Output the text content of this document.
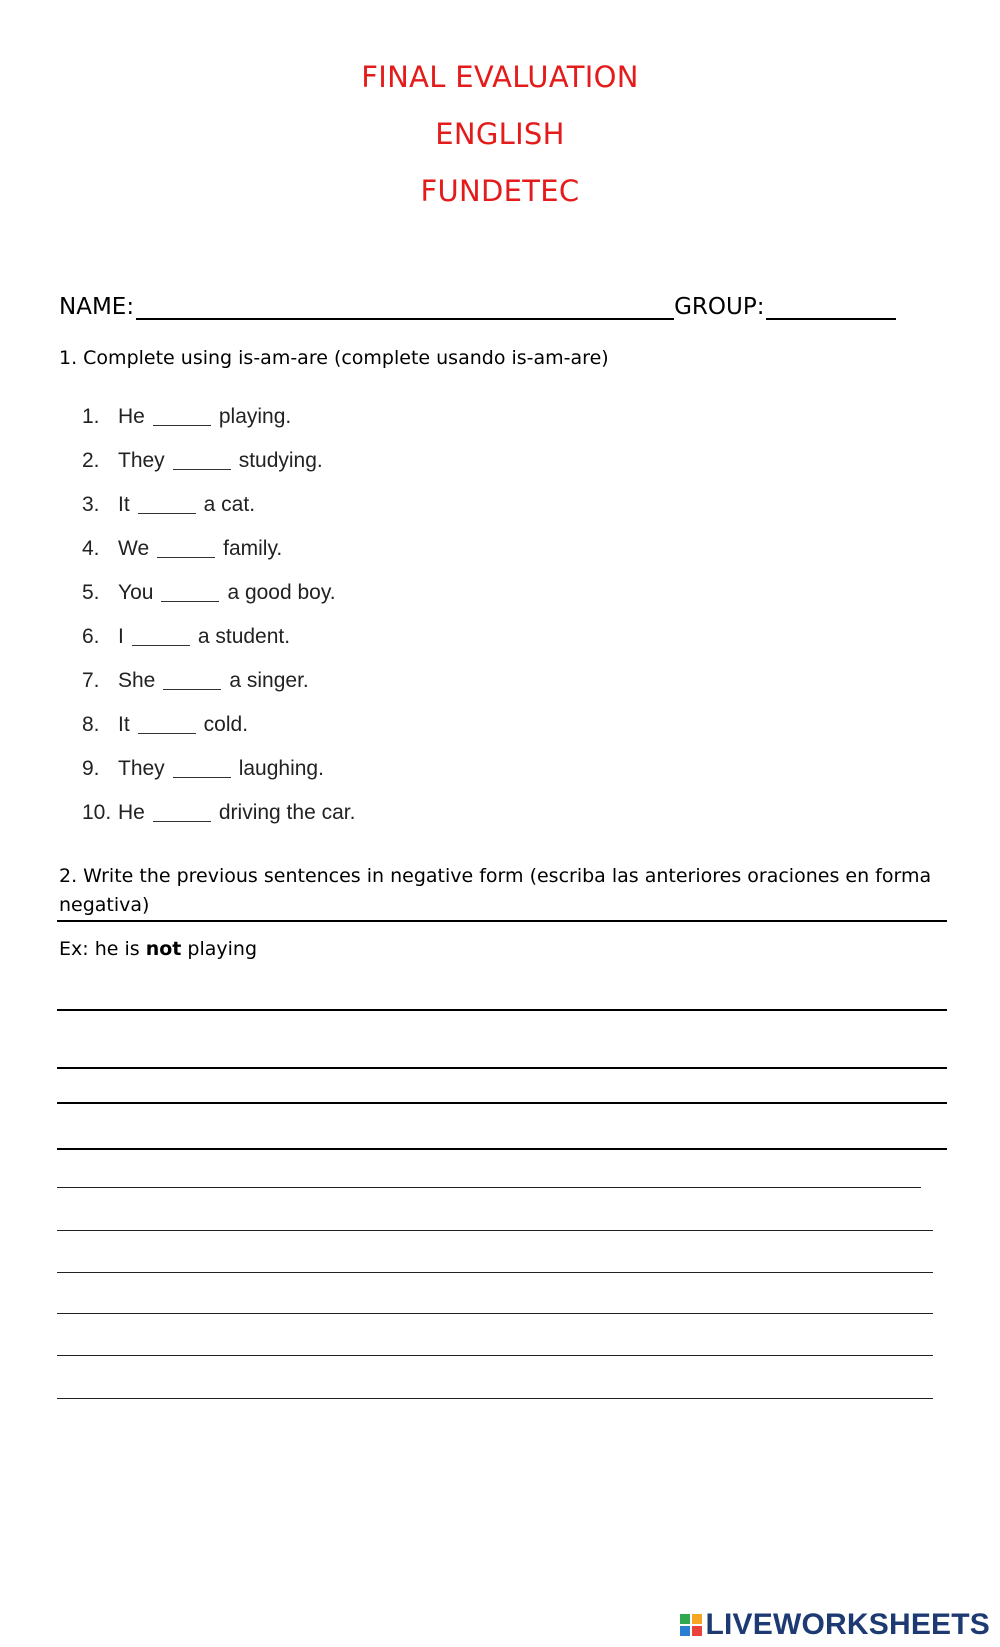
FINAL EVALUATION
ENGLISH
FUNDETEC
NAME:	GROUP:
1. Complete using is-am-are (complete usando is-am-are)
1. He	playing.
2. They	studying.
3. It	a cat.
4. We	family.
5. You	a good boy.
6. I	a student.
7. She	a singer.
8. It	cold.
9. They	laughing.
10. He	driving the car.
2. Write the previous sentences in negative form (escriba las anteriores oraciones en forma negativa)
Ex: he is not playing
LIVEWORKSHEETS
